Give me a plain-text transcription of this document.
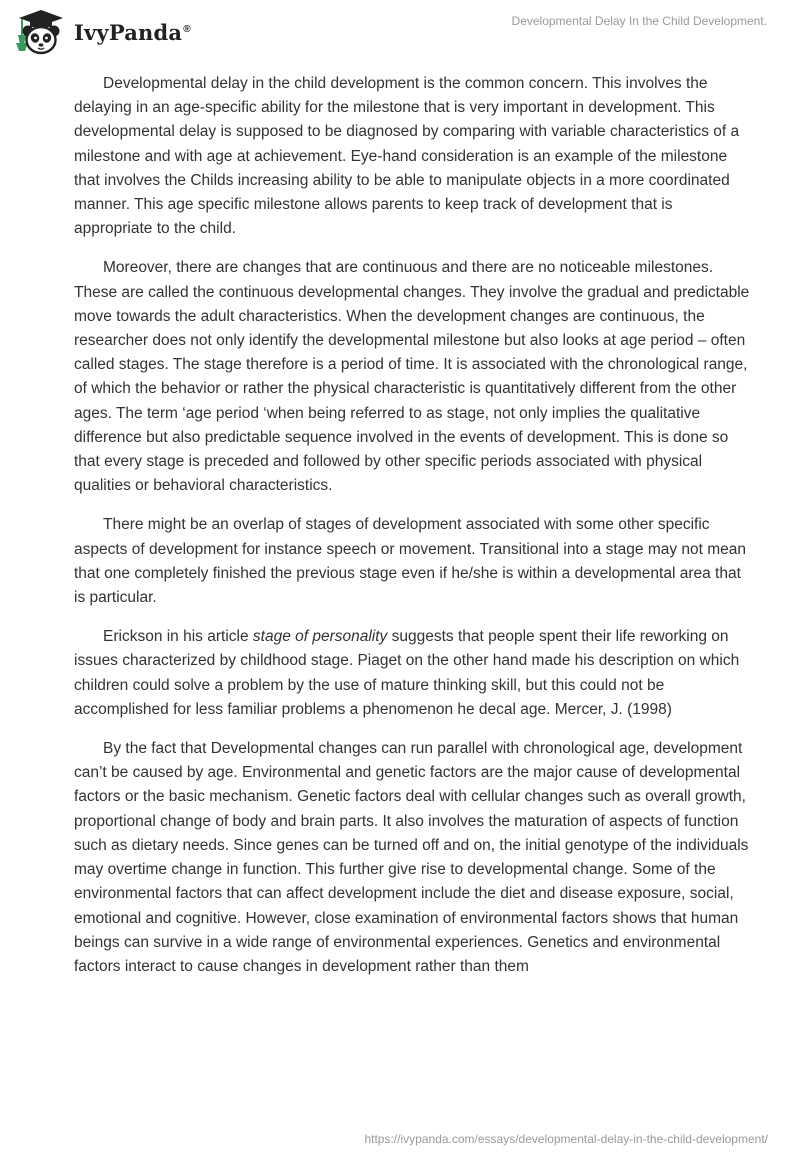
IvyPanda®
Developmental Delay In the Child Development.

Developmental delay in the child development is the common concern. This involves the delaying in an age-specific ability for the milestone that is very important in development. This developmental delay is supposed to be diagnosed by comparing with variable characteristics of a milestone and with age at achievement. Eye-hand consideration is an example of the milestone that involves the Childs increasing ability to be able to manipulate objects in a more coordinated manner. This age specific milestone allows parents to keep track of development that is appropriate to the child.

Moreover, there are changes that are continuous and there are no noticeable milestones. These are called the continuous developmental changes. They involve the gradual and predictable move towards the adult characteristics. When the development changes are continuous, the researcher does not only identify the developmental milestone but also looks at age period – often called stages. The stage therefore is a period of time. It is associated with the chronological range, of which the behavior or rather the physical characteristic is quantitatively different from the other ages. The term ‘age period ‘when being referred to as stage, not only implies the qualitative difference but also predictable sequence involved in the events of development. This is done so that every stage is preceded and followed by other specific periods associated with physical qualities or behavioral characteristics.

There might be an overlap of stages of development associated with some other specific aspects of development for instance speech or movement. Transitional into a stage may not mean that one completely finished the previous stage even if he/she is within a developmental area that is particular.

Erickson in his article stage of personality suggests that people spent their life reworking on issues characterized by childhood stage. Piaget on the other hand made his description on which children could solve a problem by the use of mature thinking skill, but this could not be accomplished for less familiar problems a phenomenon he decal age. Mercer, J. (1998)

By the fact that Developmental changes can run parallel with chronological age, development can’t be caused by age. Environmental and genetic factors are the major cause of developmental factors or the basic mechanism. Genetic factors deal with cellular changes such as overall growth, proportional change of body and brain parts. It also involves the maturation of aspects of function such as dietary needs. Since genes can be turned off and on, the initial genotype of the individuals may overtime change in function. This further give rise to developmental change. Some of the environmental factors that can affect development include the diet and disease exposure, social, emotional and cognitive. However, close examination of environmental factors shows that human beings can survive in a wide range of environmental experiences. Genetics and environmental factors interact to cause changes in development rather than them

https://ivypanda.com/essays/developmental-delay-in-the-child-development/
